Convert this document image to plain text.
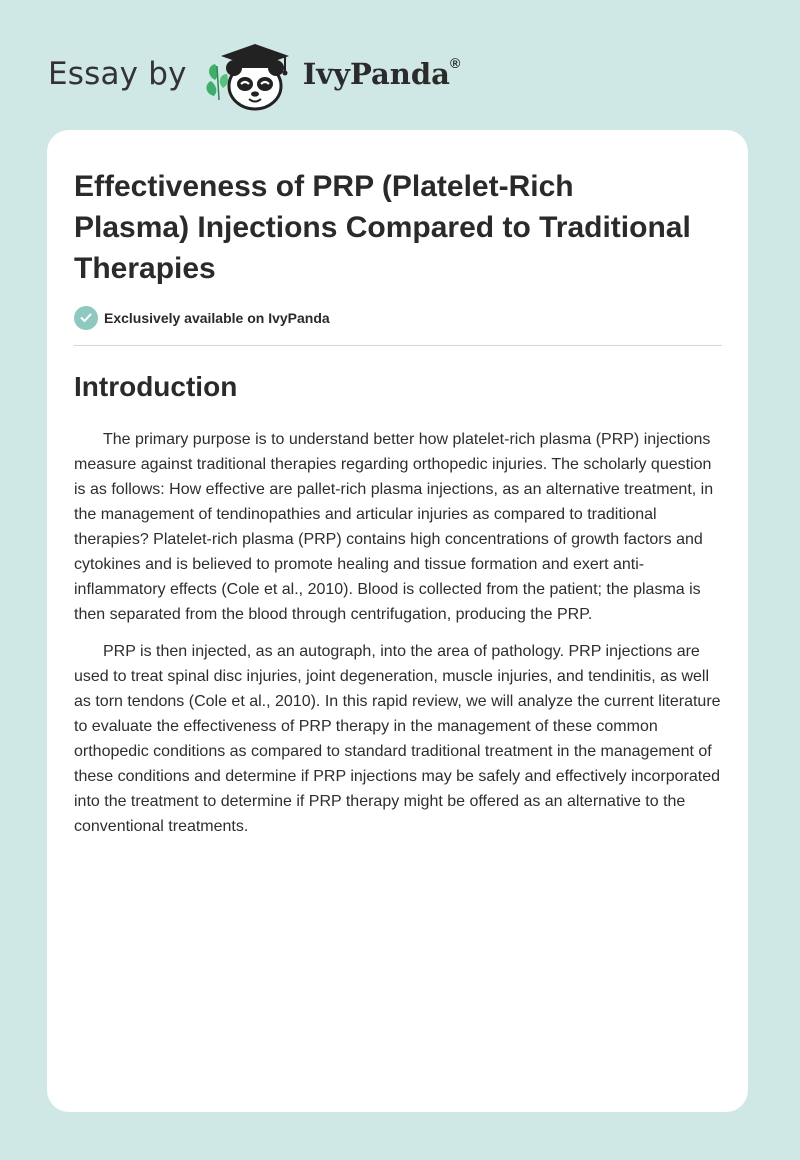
Essay by	IvyPanda®
Effectiveness of PRP (Platelet-Rich Plasma) Injections Compared to Traditional Therapies
Exclusively available on IvyPanda
Introduction

The primary purpose is to understand better how platelet-rich plasma (PRP) injections measure against traditional therapies regarding orthopedic injuries. The scholarly question is as follows: How effective are pallet-rich plasma injections, as an alternative treatment, in the management of tendinopathies and articular injuries as compared to traditional therapies? Platelet-rich plasma (PRP) contains high concentrations of growth factors and cytokines and is believed to promote healing and tissue formation and exert anti-inflammatory effects (Cole et al., 2010). Blood is collected from the patient; the plasma is then separated from the blood through centrifugation, producing the PRP.

PRP is then injected, as an autograph, into the area of pathology. PRP injections are used to treat spinal disc injuries, joint degeneration, muscle injuries, and tendinitis, as well as torn tendons (Cole et al., 2010). In this rapid review, we will analyze the current literature to evaluate the effectiveness of PRP therapy in the management of these common orthopedic conditions as compared to standard traditional treatment in the management of these conditions and determine if PRP injections may be safely and effectively incorporated into the treatment to determine if PRP therapy might be offered as an alternative to the conventional treatments.
